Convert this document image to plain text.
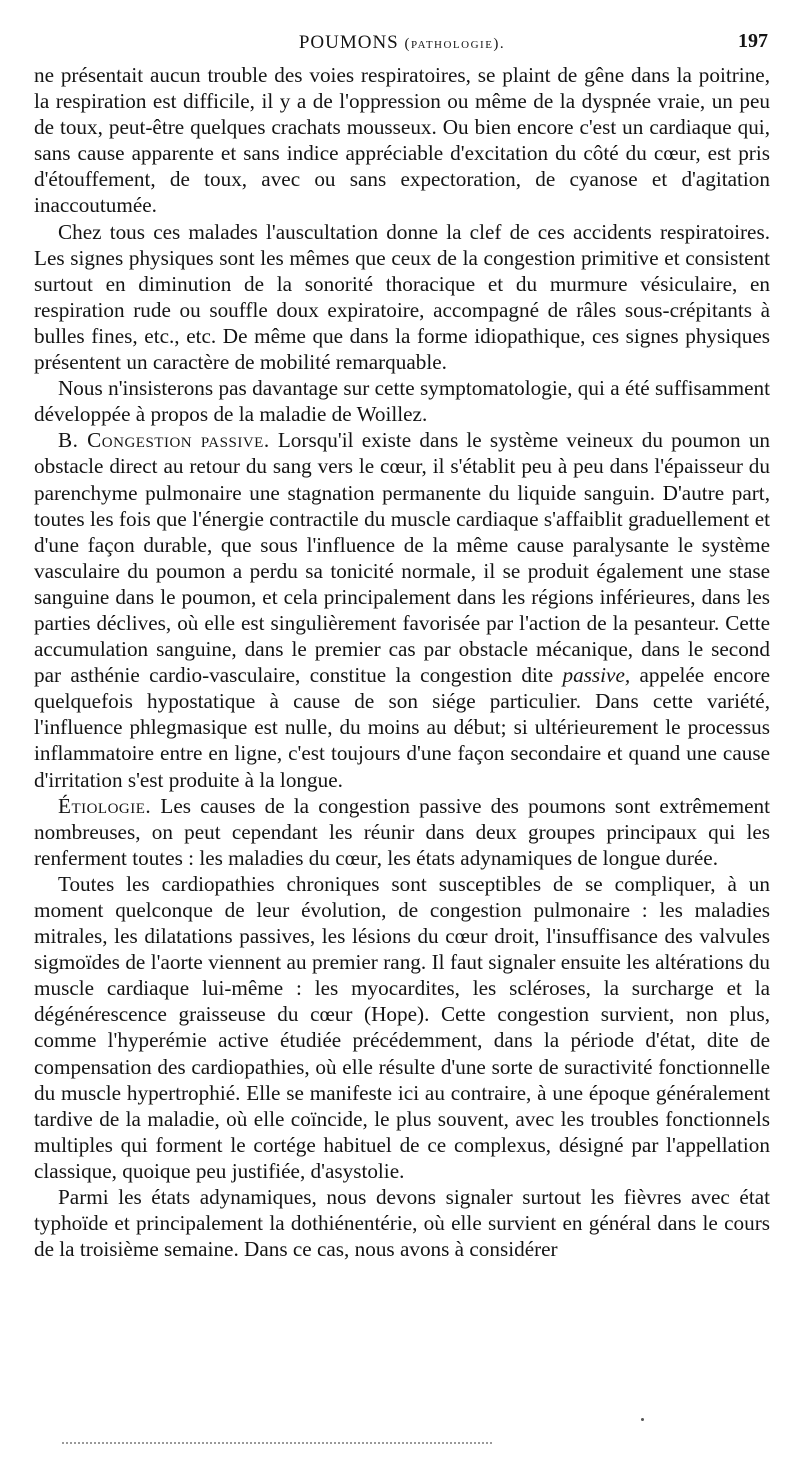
POUMONS (pathologie).	197

ne présentait aucun trouble des voies respiratoires, se plaint de gêne dans la poitrine, la respiration est difficile, il y a de l'oppression ou même de la dyspnée vraie, un peu de toux, peut-être quelques crachats mousseux. Ou bien encore c'est un cardiaque qui, sans cause apparente et sans indice appréciable d'excitation du côté du cœur, est pris d'étouffement, de toux, avec ou sans expectoration, de cyanose et d'agitation inaccoutumée.

Chez tous ces malades l'auscultation donne la clef de ces accidents respiratoires. Les signes physiques sont les mêmes que ceux de la congestion primitive et consistent surtout en diminution de la sonorité thoracique et du murmure vésiculaire, en respiration rude ou souffle doux expiratoire, accompagné de râles sous-crépitants à bulles fines, etc., etc. De même que dans la forme idiopathique, ces signes physiques présentent un caractère de mobilité remarquable.

Nous n'insisterons pas davantage sur cette symptomatologie, qui a été suffisamment développée à propos de la maladie de Woillez.

B. Congestion passive. Lorsqu'il existe dans le système veineux du poumon un obstacle direct au retour du sang vers le cœur, il s'établit peu à peu dans l'épaisseur du parenchyme pulmonaire une stagnation permanente du liquide sanguin. D'autre part, toutes les fois que l'énergie contractile du muscle cardiaque s'affaiblit graduellement et d'une façon durable, que sous l'influence de la même cause paralysante le système vasculaire du poumon a perdu sa tonicité normale, il se produit également une stase sanguine dans le poumon, et cela principalement dans les régions inférieures, dans les parties déclives, où elle est singulièrement favorisée par l'action de la pesanteur. Cette accumulation sanguine, dans le premier cas par obstacle mécanique, dans le second par asthénie cardio-vasculaire, constitue la congestion dite passive, appelée encore quelquefois hypostatique à cause de son siége particulier. Dans cette variété, l'influence phlegmasique est nulle, du moins au début; si ultérieurement le processus inflammatoire entre en ligne, c'est toujours d'une façon secondaire et quand une cause d'irritation s'est produite à la longue.

Étiologie. Les causes de la congestion passive des poumons sont extrêmement nombreuses, on peut cependant les réunir dans deux groupes principaux qui les renferment toutes : les maladies du cœur, les états adynamiques de longue durée.

Toutes les cardiopathies chroniques sont susceptibles de se compliquer, à un moment quelconque de leur évolution, de congestion pulmonaire : les maladies mitrales, les dilatations passives, les lésions du cœur droit, l'insuffisance des valvules sigmoïdes de l'aorte viennent au premier rang. Il faut signaler ensuite les altérations du muscle cardiaque lui-même : les myocardites, les scléroses, la surcharge et la dégénérescence graisseuse du cœur (Hope). Cette congestion survient, non plus, comme l'hyperémie active étudiée précédemment, dans la période d'état, dite de compensation des cardiopathies, où elle résulte d'une sorte de suractivité fonctionnelle du muscle hypertrophié. Elle se manifeste ici au contraire, à une époque généralement tardive de la maladie, où elle coïncide, le plus souvent, avec les troubles fonctionnels multiples qui forment le cortége habituel de ce complexus, désigné par l'appellation classique, quoique peu justifiée, d'asystolie.

Parmi les états adynamiques, nous devons signaler surtout les fièvres avec état typhoïde et principalement la dothiénentérie, où elle survient en général dans le cours de la troisième semaine. Dans ce cas, nous avons à considérer
